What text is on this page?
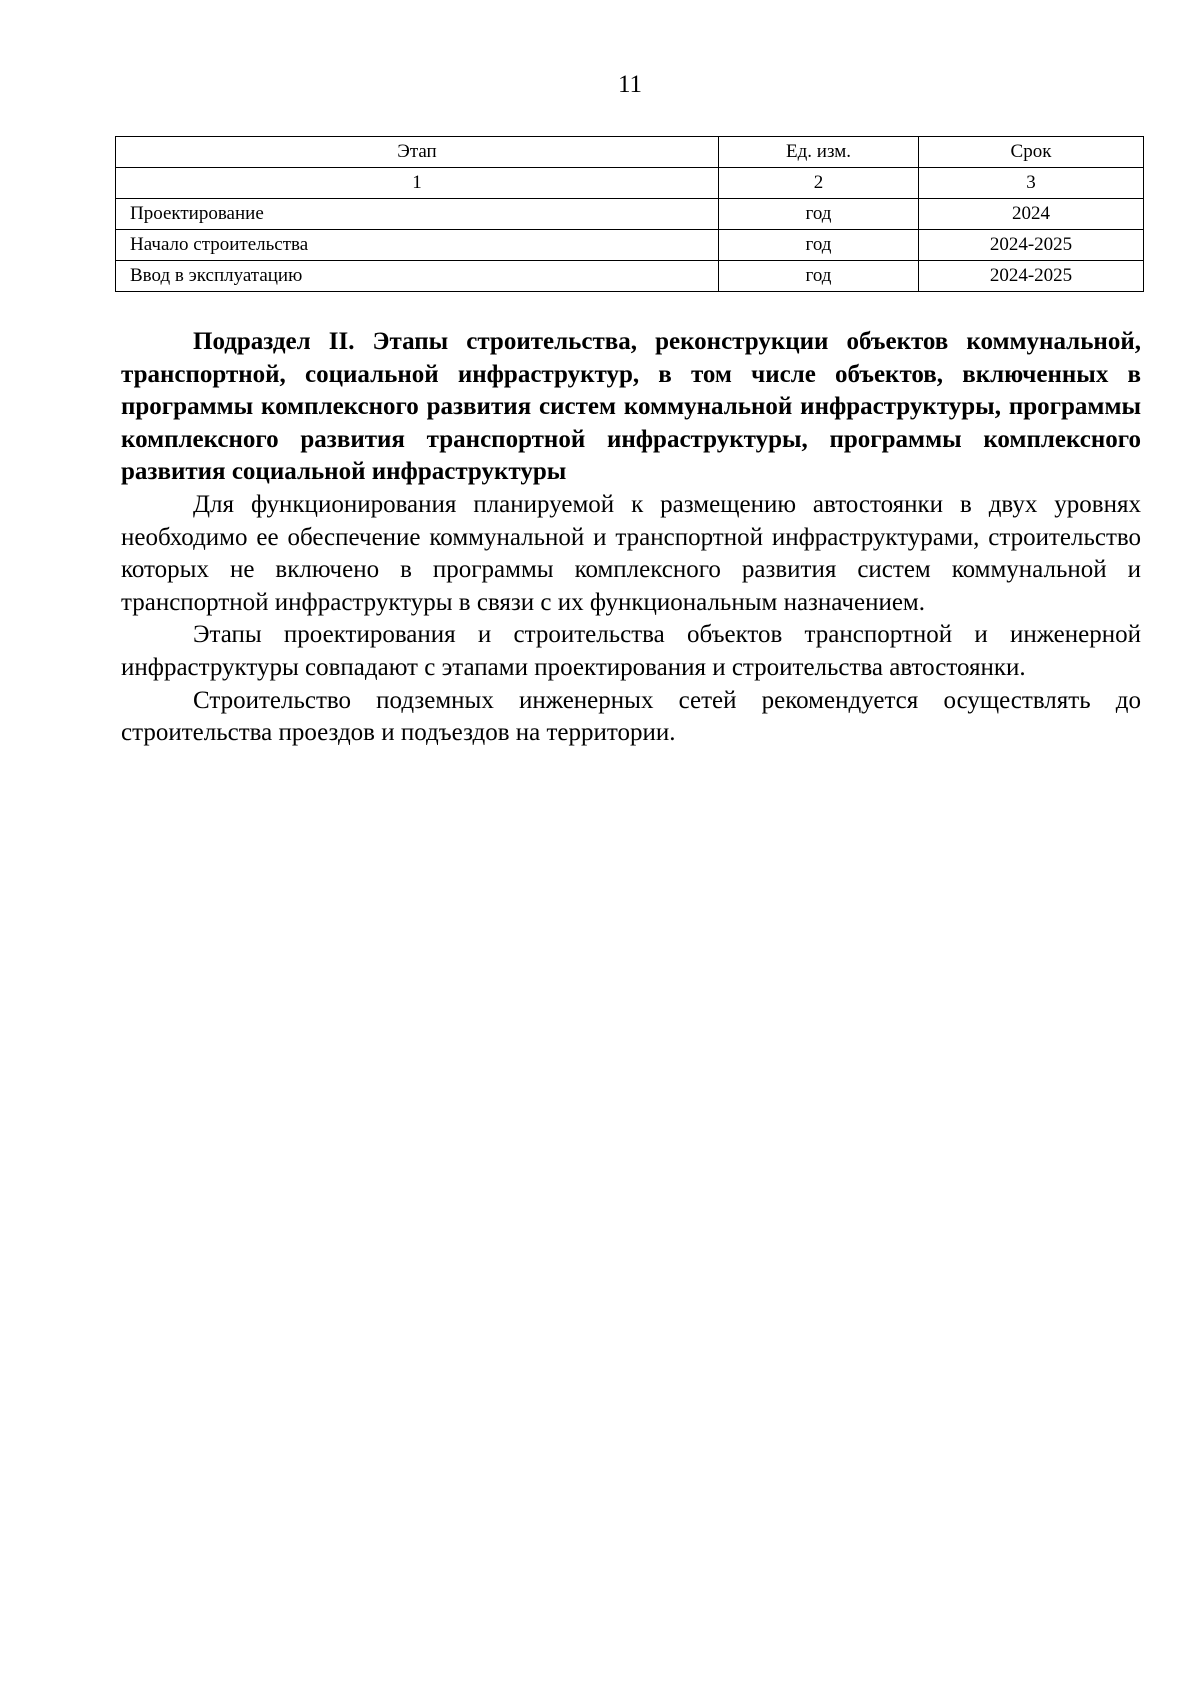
11
Этап	Ед. изм.	Срок
1	2	3
Проектирование	год	2024
Начало строительства	год	2024-2025
Ввод в эксплуатацию	год	2024-2025

Подраздел II. Этапы строительства, реконструкции объектов коммунальной, транспортной, социальной инфраструктур, в том числе объектов, включенных в программы комплексного развития систем коммунальной инфраструктуры, программы комплексного развития транспортной инфраструктуры, программы комплексного развития социальной инфраструктуры

Для функционирования планируемой к размещению автостоянки в двух уровнях необходимо ее обеспечение коммунальной и транспортной инфраструктурами, строительство которых не включено в программы комплексного развития систем коммунальной и транспортной инфраструктуры в связи с их функциональным назначением.

Этапы проектирования и строительства объектов транспортной и инженерной инфраструктуры совпадают с этапами проектирования и строительства автостоянки.

Строительство подземных инженерных сетей рекомендуется осуществлять до строительства проездов и подъездов на территории.
